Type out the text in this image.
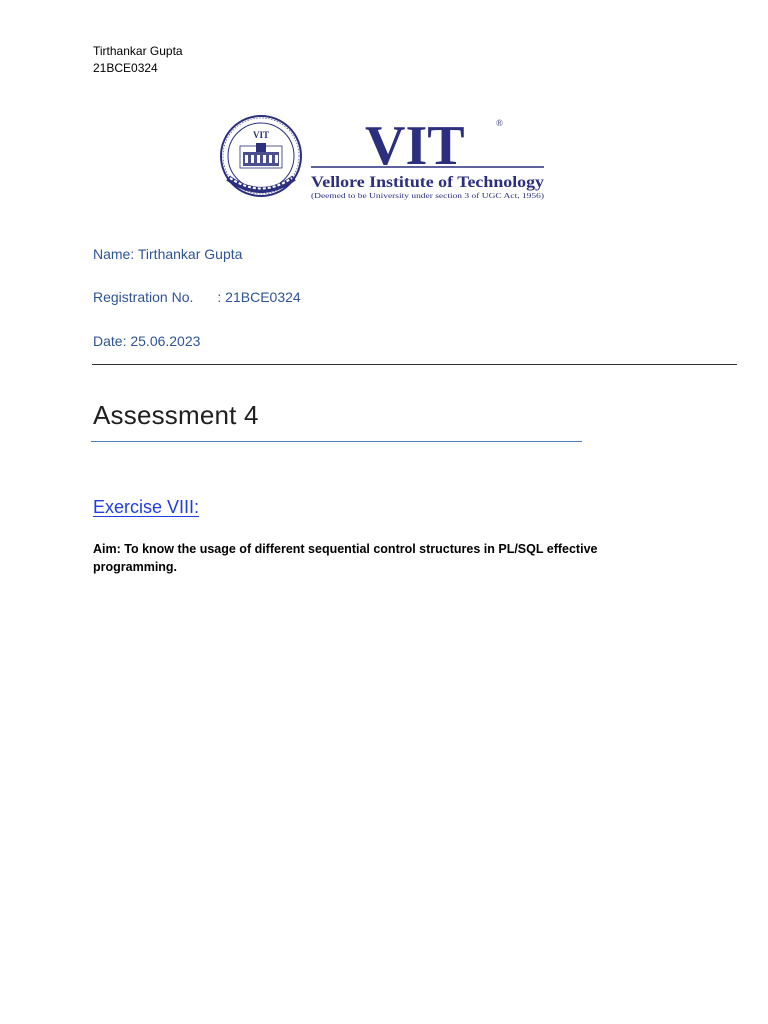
Tirthankar Gupta
21BCE0324
VIT VIT	®
Vellore Institute of Technology
(Deemed to be University under section 3 of UGC Act, 1956)
Name: Tirthankar Gupta
Registration No. : 21BCE0324
Date: 25.06.2023
Assessment 4
Exercise VIII:
Aim: To know the usage of different sequential control structures in PL/SQL effective programming.
